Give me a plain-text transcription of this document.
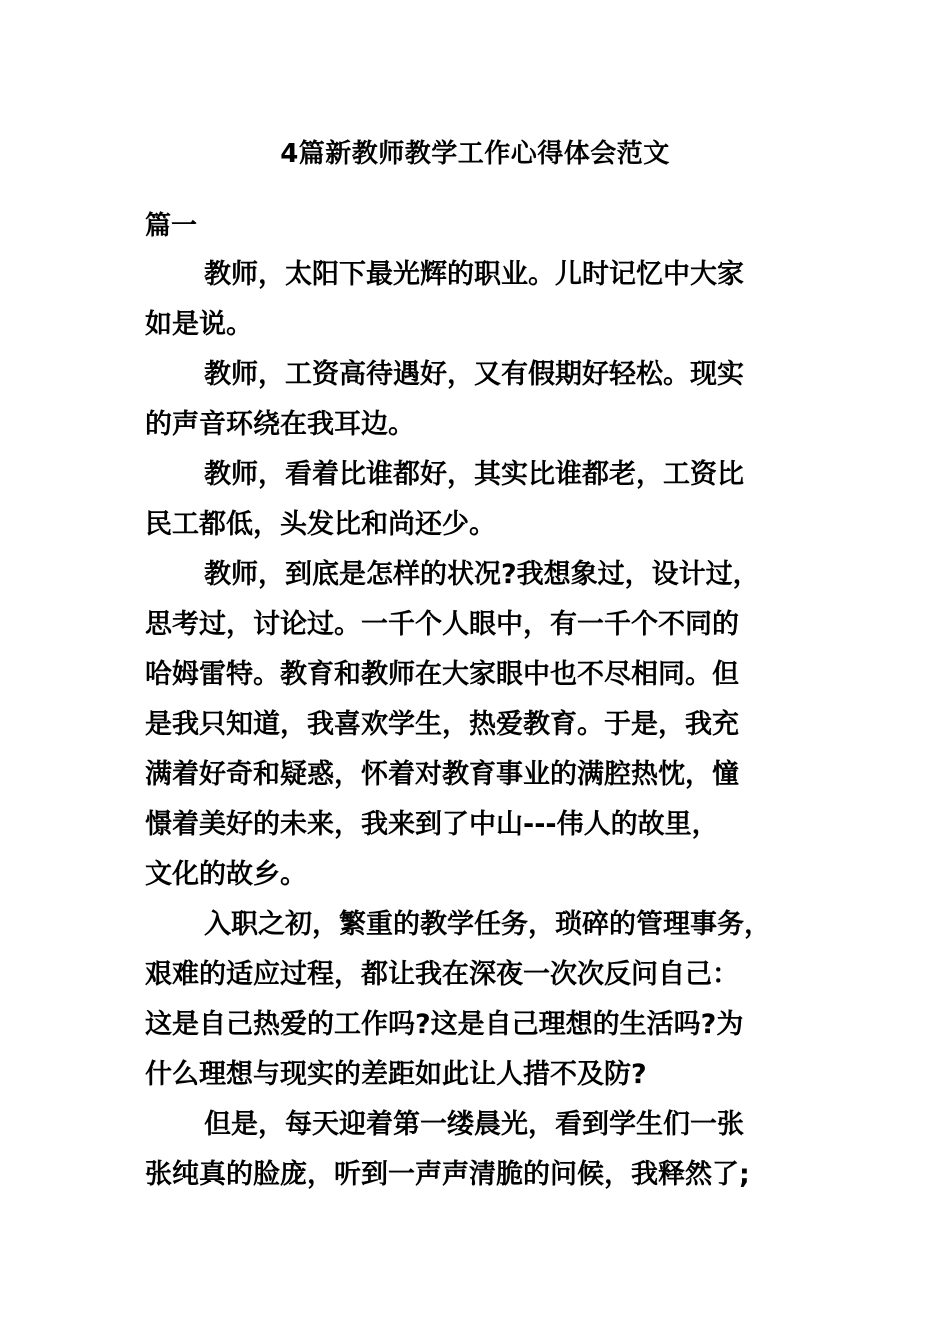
4篇新教师教学工作心得体会范文
篇一
教师，太阳下最光辉的职业。儿时记忆中大家
如是说。
教师，工资高待遇好，又有假期好轻松。现实
的声音环绕在我耳边。
教师，看着比谁都好，其实比谁都老，工资比
民工都低，头发比和尚还少。
教师，到底是怎样的状况?我想象过，设计过，
思考过，讨论过。一千个人眼中，有一千个不同的
哈姆雷特。教育和教师在大家眼中也不尽相同。但
是我只知道，我喜欢学生，热爱教育。于是，我充
满着好奇和疑惑，怀着对教育事业的满腔热忱，憧
憬着美好的未来，我来到了中山---伟人的故里，
文化的故乡。
入职之初，繁重的教学任务，琐碎的管理事务，
艰难的适应过程，都让我在深夜一次次反问自己：
这是自己热爱的工作吗?这是自己理想的生活吗?为
什么理想与现实的差距如此让人措不及防?
但是，每天迎着第一缕晨光，看到学生们一张
张纯真的脸庞，听到一声声清脆的问候，我释然了;
